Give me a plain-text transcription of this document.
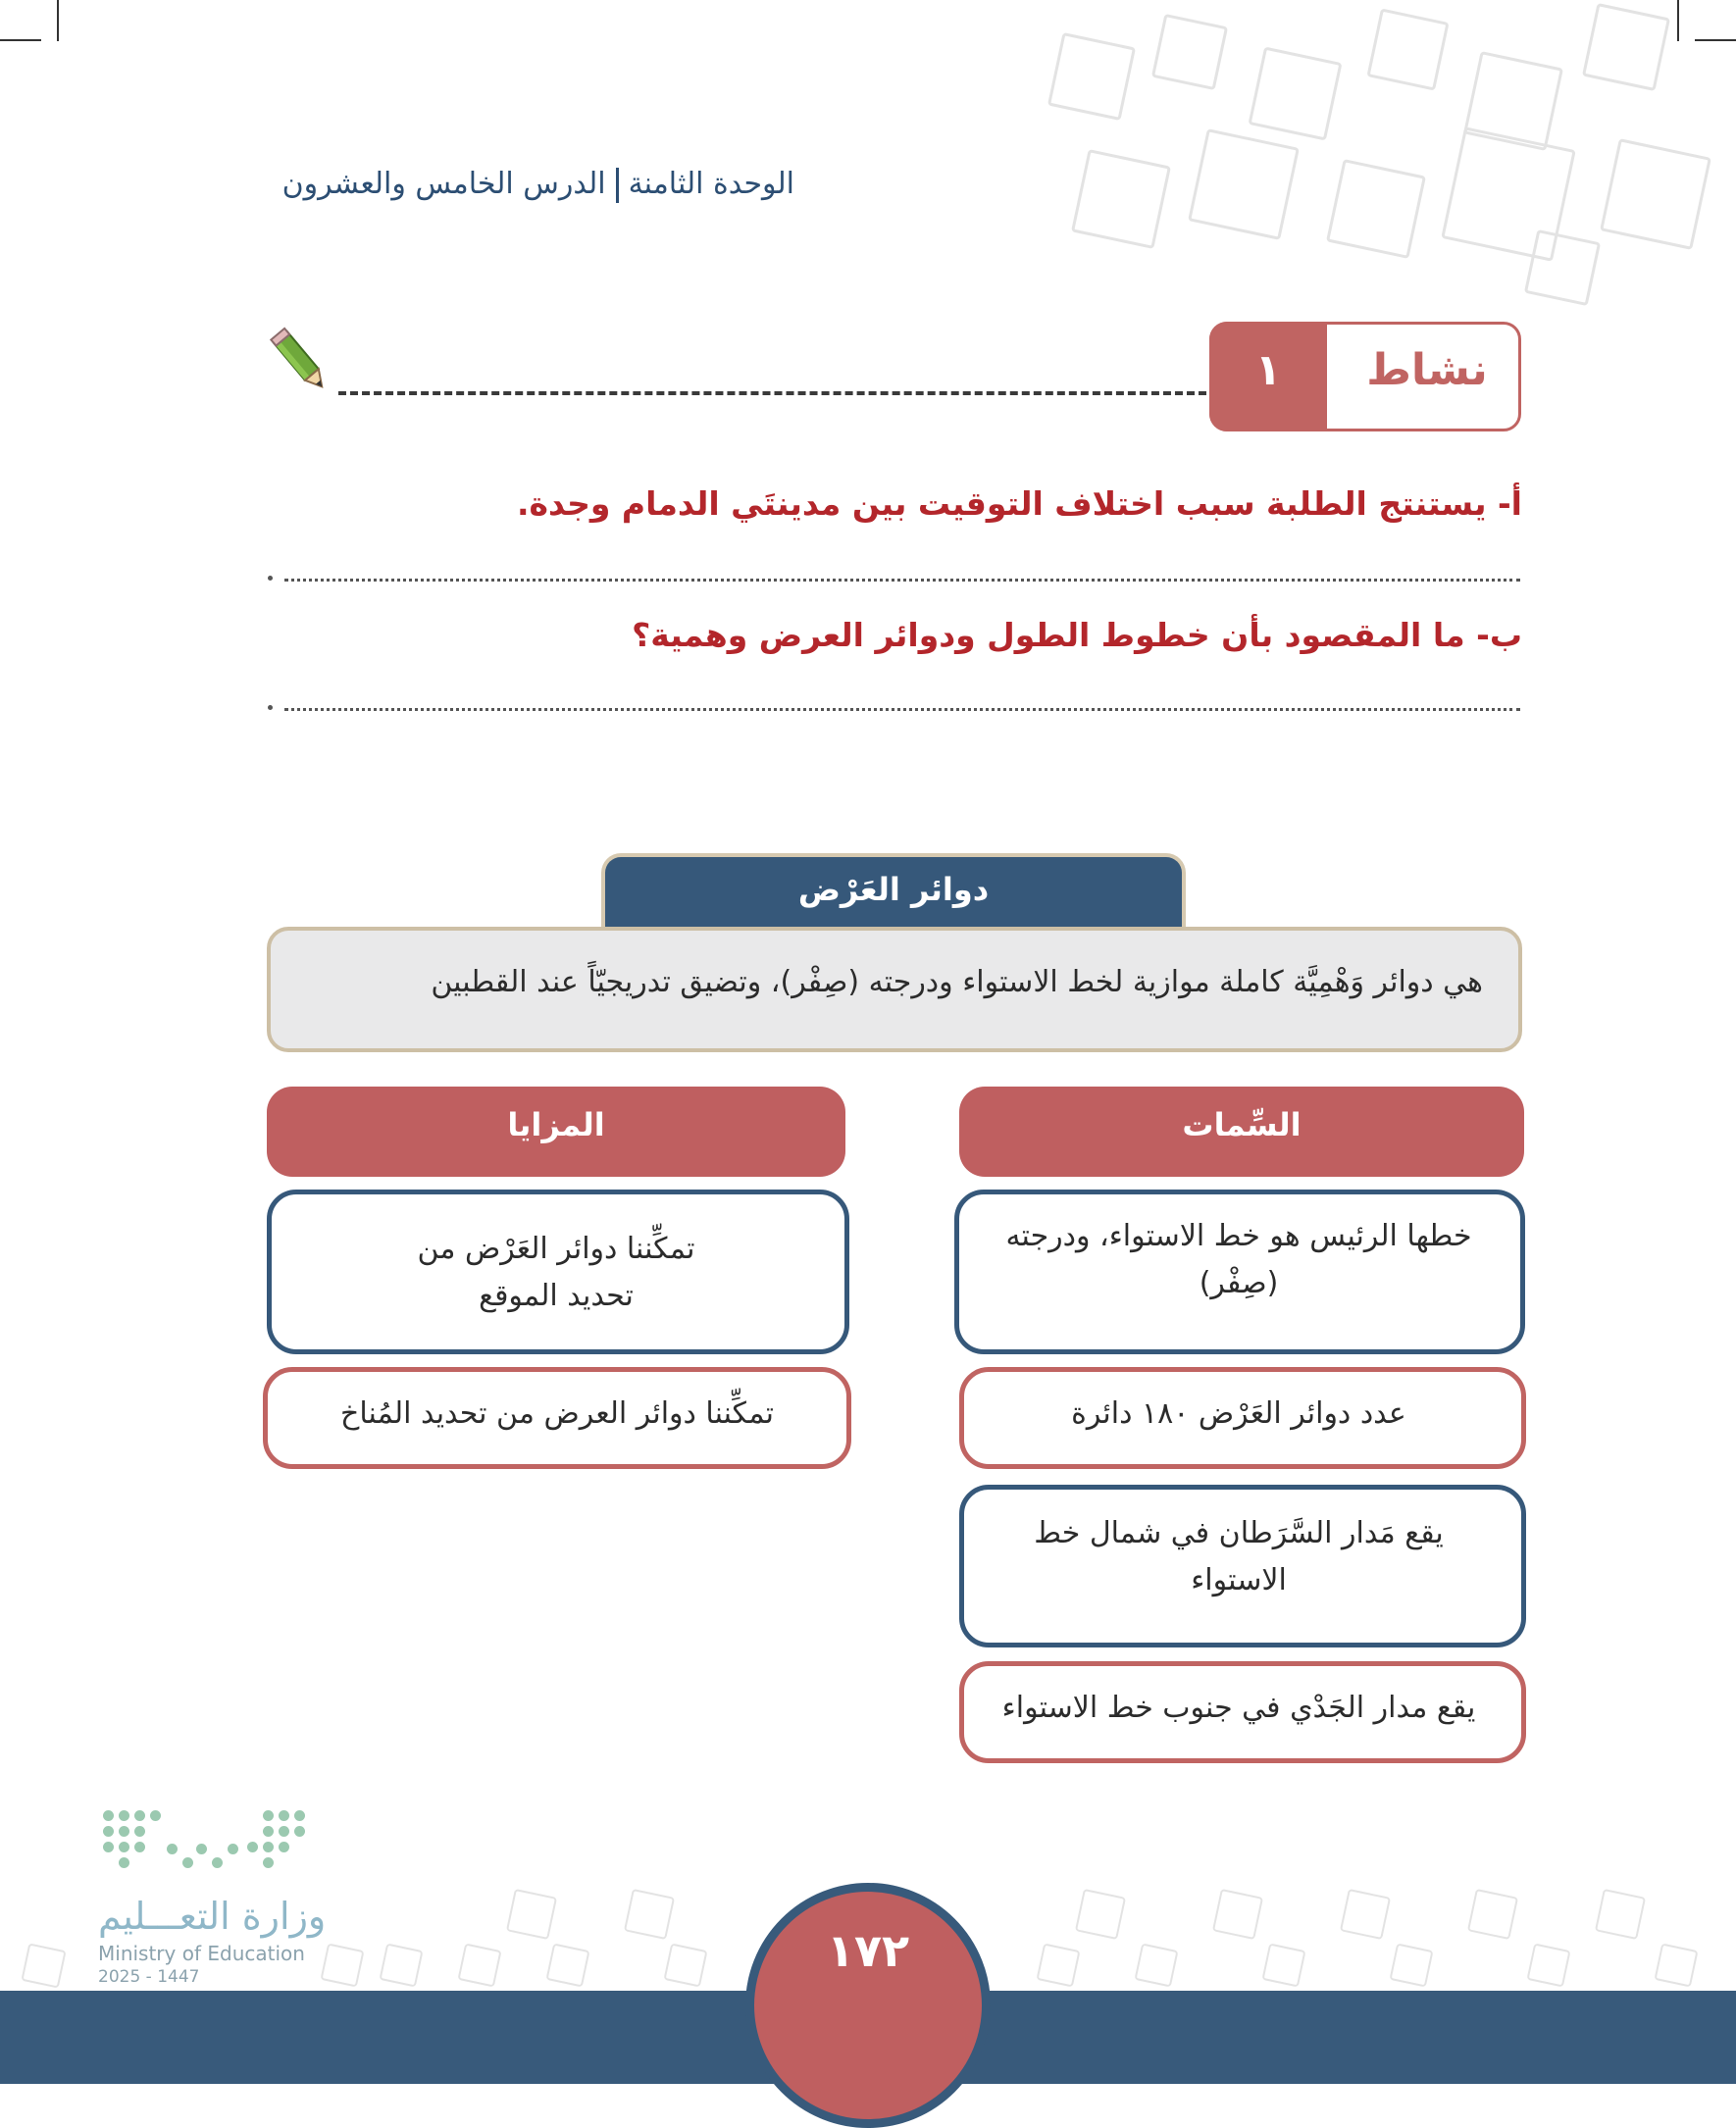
الوحدة الثامنةالدرس الخامس والعشرون
نشاط
١
أ- يستنتج الطلبة سبب اختلاف التوقيت بين مدينتَي الدمام وجدة.
ب- ما المقصود بأن خطوط الطول ودوائر العرض وهمية؟
دوائر العَرْض
هي دوائر وَهْمِيَّة كاملة موازية لخط الاستواء ودرجته (صِفْر)، وتضيق تدريجيّاً عند القطبين
السِّمات
خطها الرئيس هو خط الاستواء، ودرجته
(صِفْر)
عدد دوائر العَرْض ١٨٠ دائرة
يقع مَدار السَّرَطان في شمال خط
الاستواء
يقع مدار الجَدْي في جنوب خط الاستواء
المزايا
تمكِّننا دوائر العَرْض من
تحديد الموقع
تمكِّننا دوائر العرض من تحديد المُناخ
١٧٢
وزارة التعـــليم
Ministry of Education
2025 - 1447
